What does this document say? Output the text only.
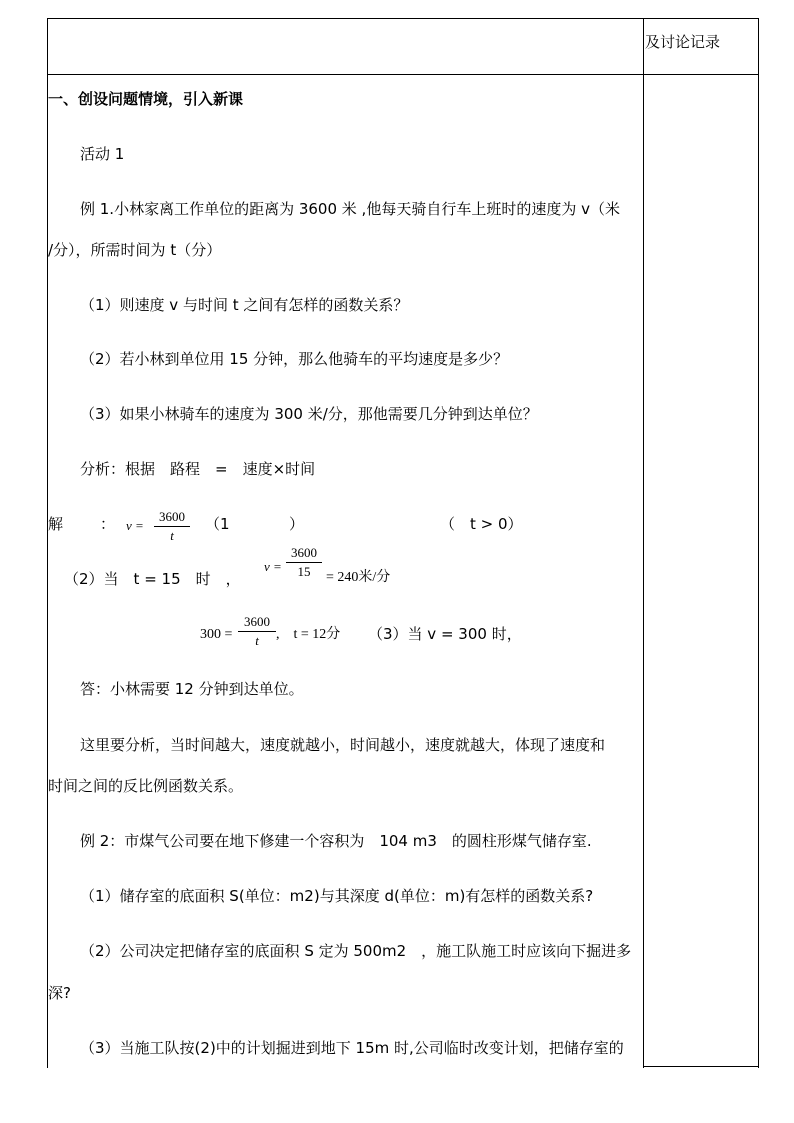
及讨论记录
一、创设问题情境，引入新课
活动 1
例 1.小林家离工作单位的距离为 3600 米 ,他每天骑自行车上班时的速度为 v（米
/分），所需时间为 t（分）
（1）则速度 v 与时间 t 之间有怎样的函数关系？
（2）若小林到单位用 15 分钟，那么他骑车的平均速度是多少？
（3）如果小林骑车的速度为 300 米/分，那他需要几分钟到达单位？
分析：根据　路程　=　速度×时间
解 ： v =
3600
t
（1	）	（　t > 0）
（2）当　t = 15　时　，
v =
3600
15	= 240米/分
300 =
3600
t	,　t = 12分 （3）当 v = 300 时，
答：小林需要 12 分钟到达单位。
这里要分析，当时间越大，速度就越小，时间越小，速度就越大，体现了速度和
时间之间的反比例函数关系。
例 2：市煤气公司要在地下修建一个容积为　104 m3　的圆柱形煤气储存室.
（1）储存室的底面积 S(单位：m2)与其深度 d(单位：m)有怎样的函数关系?
（2）公司决定把储存室的底面积 S 定为 500m2　，施工队施工时应该向下掘进多
深?
（3）当施工队按(2)中的计划掘进到地下 15m 时,公司临时改变计划，把储存室的
